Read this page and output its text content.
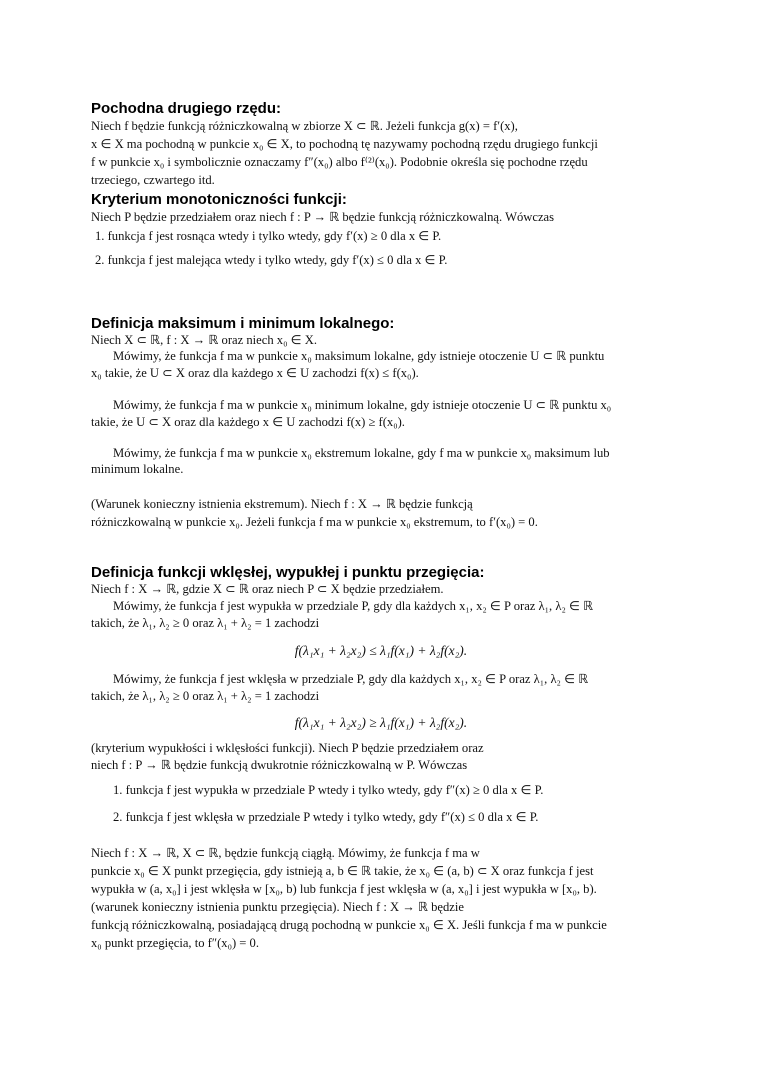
Pochodna drugiego rzędu:
Niech f będzie funkcją różniczkowalną w zbiorze X ⊂ ℝ. Jeżeli funkcja g(x) = f′(x),
x ∈ X ma pochodną w punkcie x₀ ∈ X, to pochodną tę nazywamy pochodną rzędu drugiego funkcji
f w punkcie x₀ i symbolicznie oznaczamy f″(x₀) albo f⁽²⁾(x₀). Podobnie określa się pochodne rzędu
trzeciego, czwartego itd.
Kryterium monotoniczności funkcji:
Niech P będzie przedziałem oraz niech f : P → ℝ będzie funkcją różniczkowalną. Wówczas
1. funkcja f jest rosnąca wtedy i tylko wtedy, gdy f′(x) ≥ 0 dla x ∈ P.
2. funkcja f jest malejąca wtedy i tylko wtedy, gdy f′(x) ≤ 0 dla x ∈ P.
Definicja maksimum i minimum lokalnego:
Niech X ⊂ ℝ, f : X → ℝ oraz niech x₀ ∈ X.
Mówimy, że funkcja f ma w punkcie x₀ maksimum lokalne, gdy istnieje otoczenie U ⊂ ℝ punktu
x₀ takie, że U ⊂ X oraz dla każdego x ∈ U zachodzi f(x) ≤ f(x₀).
Mówimy, że funkcja f ma w punkcie x₀ minimum lokalne, gdy istnieje otoczenie U ⊂ ℝ punktu x₀
takie, że U ⊂ X oraz dla każdego x ∈ U zachodzi f(x) ≥ f(x₀).
Mówimy, że funkcja f ma w punkcie x₀ ekstremum lokalne, gdy f ma w punkcie x₀ maksimum lub
minimum lokalne.
(Warunek konieczny istnienia ekstremum). Niech f : X → ℝ będzie funkcją
różniczkowalną w punkcie x₀. Jeżeli funkcja f ma w punkcie x₀ ekstremum, to f′(x₀) = 0.
Definicja funkcji wklęsłej, wypukłej i punktu przegięcia:
Niech f : X → ℝ, gdzie X ⊂ ℝ oraz niech P ⊂ X będzie przedziałem.
Mówimy, że funkcja f jest wypukła w przedziale P, gdy dla każdych x₁, x₂ ∈ P oraz λ₁, λ₂ ∈ ℝ
takich, że λ₁, λ₂ ≥ 0 oraz λ₁ + λ₂ = 1 zachodzi
f(λ₁x₁ + λ₂x₂) ≤ λ₁f(x₁) + λ₂f(x₂).
Mówimy, że funkcja f jest wklęsła w przedziale P, gdy dla każdych x₁, x₂ ∈ P oraz λ₁, λ₂ ∈ ℝ
takich, że λ₁, λ₂ ≥ 0 oraz λ₁ + λ₂ = 1 zachodzi
f(λ₁x₁ + λ₂x₂) ≥ λ₁f(x₁) + λ₂f(x₂).
(kryterium wypukłości i wklęsłości funkcji). Niech P będzie przedziałem oraz
niech f : P → ℝ będzie funkcją dwukrotnie różniczkowalną w P. Wówczas
1. funkcja f jest wypukła w przedziale P wtedy i tylko wtedy, gdy f″(x) ≥ 0 dla x ∈ P.
2. funkcja f jest wklęsła w przedziale P wtedy i tylko wtedy, gdy f″(x) ≤ 0 dla x ∈ P.
Niech f : X → ℝ, X ⊂ ℝ, będzie funkcją ciągłą. Mówimy, że funkcja f ma w
punkcie x₀ ∈ X punkt przegięcia, gdy istnieją a, b ∈ ℝ takie, że x₀ ∈ (a, b) ⊂ X oraz funkcja f jest
wypukła w (a, x₀] i jest wklęsła w [x₀, b) lub funkcja f jest wklęsła w (a, x₀] i jest wypukła w [x₀, b).
(warunek konieczny istnienia punktu przegięcia). Niech f : X → ℝ będzie
funkcją różniczkowalną, posiadającą drugą pochodną w punkcie x₀ ∈ X. Jeśli funkcja f ma w punkcie
x₀ punkt przegięcia, to f″(x₀) = 0.
